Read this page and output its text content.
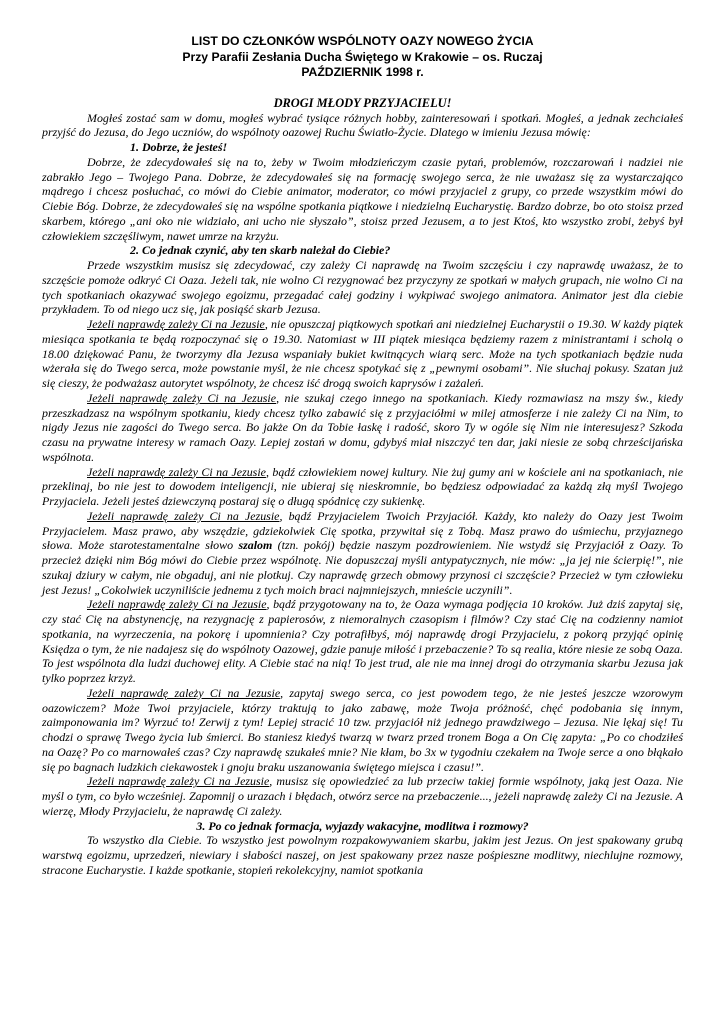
LIST DO CZŁONKÓW WSPÓLNOTY OAZY NOWEGO ŻYCIA
Przy Parafii Zesłania Ducha Świętego w Krakowie – os. Ruczaj
PAŹDZIERNIK 1998 r.
DROGI MŁODY PRZYJACIELU!

Mogłeś zostać sam w domu, mogłeś wybrać tysiące różnych hobby, zainteresowań i spotkań. Mogłeś, a jednak zechciałeś przyjść do Jezusa, do Jego uczniów, do wspólnoty oazowej Ruchu Światło-Życie. Dlatego w imieniu Jezusa mówię:

1. Dobrze, że jesteś!

Dobrze, że zdecydowałeś się na to, żeby w Twoim młodzieńczym czasie pytań, problemów, rozczarowań i nadziei nie zabrakło Jego – Twojego Pana. Dobrze, że zdecydowałeś się na formację swojego serca, że nie uważasz się za wystarczająco mądrego i chcesz posłuchać, co mówi do Ciebie animator, moderator, co mówi przyjaciel z grupy, co przede wszystkim mówi do Ciebie Bóg. Dobrze, że zdecydowałeś się na wspólne spotkania piątkowe i niedzielną Eucharystię. Bardzo dobrze, bo oto stoisz przed skarbem, którego „ani oko nie widziało, ani ucho nie słyszało”, stoisz przed Jezusem, a to jest Ktoś, kto wszystko zrobi, żebyś był człowiekiem szczęśliwym, nawet umrze na krzyżu.

2. Co jednak czynić, aby ten skarb należał do Ciebie?

Przede wszystkim musisz się zdecydować, czy zależy Ci naprawdę na Twoim szczęściu i czy naprawdę uważasz, że to szczęście pomoże odkryć Ci Oaza. Jeżeli tak, nie wolno Ci rezygnować bez przyczyny ze spotkań w małych grupach, nie wolno Ci na tych spotkaniach okazywać swojego egoizmu, przegadać całej godziny i wykpiwać swojego animatora. Animator jest dla ciebie przykładem. To od niego ucz się, jak posiąść skarb Jezusa.

Jeżeli naprawdę zależy Ci na Jezusie, nie opuszczaj piątkowych spotkań ani niedzielnej Eucharystii o 19.30. W każdy piątek miesiąca spotkania te będą rozpoczynać się o 19.30. Natomiast w III piątek miesiąca będziemy razem z ministrantami i scholą o 18.00 dziękować Panu, że tworzymy dla Jezusa wspaniały bukiet kwitnących wiarą serc. Może na tych spotkaniach będzie nuda wżerała się do Twego serca, może powstanie myśl, że nie chcesz spotykać się z „pewnymi osobami”. Nie słuchaj pokusy. Szatan już się cieszy, że podważasz autorytet wspólnoty, że chcesz iść drogą swoich kaprysów i zażaleń.

Jeżeli naprawdę zależy Ci na Jezusie, nie szukaj czego innego na spotkaniach. Kiedy rozmawiasz na mszy św., kiedy przeszkadzasz na wspólnym spotkaniu, kiedy chcesz tylko zabawić się z przyjaciółmi w milej atmosferze i nie zależy Ci na Nim, to nigdy Jezus nie zagości do Twego serca. Bo jakże On da Tobie łaskę i radość, skoro Ty w ogóle się Nim nie interesujesz? Szkoda czasu na prywatne interesy w ramach Oazy. Lepiej zostań w domu, gdybyś miał niszczyć ten dar, jaki niesie ze sobą chrześcijańska wspólnota.

Jeżeli naprawdę zależy Ci na Jezusie, bądź człowiekiem nowej kultury. Nie żuj gumy ani w kościele ani na spotkaniach, nie przeklinaj, bo nie jest to dowodem inteligencji, nie ubieraj się nieskromnie, bo będziesz odpowiadać za każdą złą myśl Twojego Przyjaciela. Jeżeli jesteś dziewczyną postaraj się o długą spódnicę czy sukienkę.

Jeżeli naprawdę zależy Ci na Jezusie, bądź Przyjacielem Twoich Przyjaciół. Każdy, kto należy do Oazy jest Twoim Przyjacielem. Masz prawo, aby wszędzie, gdziekolwiek Cię spotka, przywitał się z Tobą. Masz prawo do uśmiechu, przyjaznego słowa. Może starotestamentalne słowo szalom (tzn. pokój) będzie naszym pozdrowieniem. Nie wstydź się Przyjaciół z Oazy. To przecież dzięki nim Bóg mówi do Ciebie przez wspólnotę. Nie dopuszczaj myśli antypatycznych, nie mów: „ja jej nie ścierpię!”, nie szukaj dziury w całym, nie obgaduj, ani nie plotkuj. Czy naprawdę grzech obmowy przynosi ci szczęście? Przecież w tym człowieku jest Jezus! „Cokolwiek uczyniliście jednemu z tych moich braci najmniejszych, mnieście uczynili”.

Jeżeli naprawdę zależy Ci na Jezusie, bądź przygotowany na to, że Oaza wymaga podjęcia 10 kroków. Już dziś zapytaj się, czy stać Cię na abstynencję, na rezygnację z papierosów, z niemoralnych czasopism i filmów? Czy stać Cię na codzienny namiot spotkania, na wyrzeczenia, na pokorę i upomnienia? Czy potrafiłbyś, mój naprawdę drogi Przyjacielu, z pokorą przyjąć opinię Księdza o tym, że nie nadajesz się do wspólnoty Oazowej, gdzie panuje miłość i przebaczenie? To są realia, które niesie ze sobą Oaza. To jest wspólnota dla ludzi duchowej elity. A Ciebie stać na nią! To jest trud, ale nie ma innej drogi do otrzymania skarbu Jezusa jak tylko poprzez krzyż.

Jeżeli naprawdę zależy Ci na Jezusie, zapytaj swego serca, co jest powodem tego, że nie jesteś jeszcze wzorowym oazowiczem? Może Twoi przyjaciele, którzy traktują to jako zabawę, może Twoja próżność, chęć podobania się innym, zaimponowania im? Wyrzuć to! Zerwij z tym! Lepiej stracić 10 tzw. przyjaciół niż jednego prawdziwego – Jezusa. Nie lękaj się! Tu chodzi o sprawę Twego życia lub śmierci. Bo staniesz kiedyś twarzą w twarz przed tronem Boga a On Cię zapyta: „Po co chodziłeś na Oazę? Po co marnowałeś czas? Czy naprawdę szukałeś mnie? Nie kłam, bo 3x w tygodniu czekałem na Twoje serce a ono błąkało się po bagnach ludzkich ciekawostek i gnoju braku uszanowania świętego miejsca i czasu!”.

Jeżeli naprawdę zależy Ci na Jezusie, musisz się opowiedzieć za lub przeciw takiej formie wspólnoty, jaką jest Oaza. Nie myśl o tym, co było wcześniej. Zapomnij o urazach i błędach, otwórz serce na przebaczenie..., jeżeli naprawdę zależy Ci na Jezusie. A wierzę, Młody Przyjacielu, że naprawdę Ci zależy.

3. Po co jednak formacja, wyjazdy wakacyjne, modlitwa i rozmowy?

To wszystko dla Ciebie. To wszystko jest powolnym rozpakowywaniem skarbu, jakim jest Jezus. On jest spakowany grubą warstwą egoizmu, uprzedzeń, niewiary i słabości naszej, on jest spakowany przez nasze pośpieszne modlitwy, niechlujne rozmowy, stracone Eucharystie. I każde spotkanie, stopień rekolekcyjny, namiot spotkania
